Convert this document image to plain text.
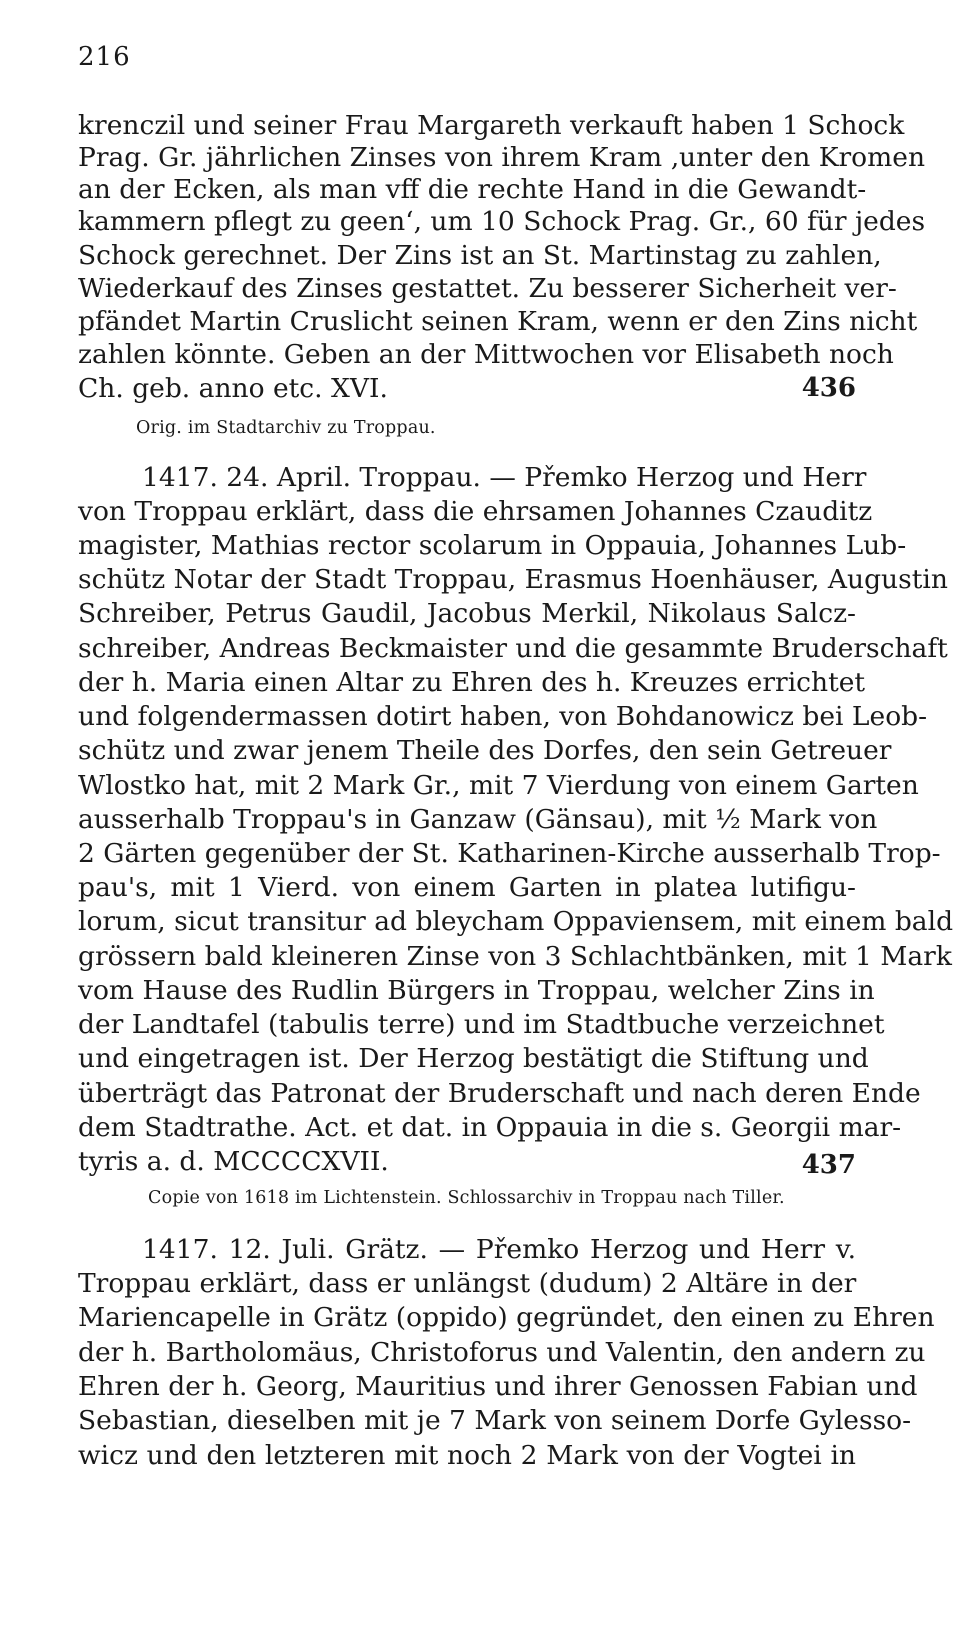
216
krenczil und seiner Frau Margareth verkauft haben 1 Schock
Prag. Gr. jährlichen Zinses von ihrem Kram ‚unter den Kromen
an der Ecken, als man vff die rechte Hand in die Gewandt-
kammern pflegt zu geen‘, um 10 Schock Prag. Gr., 60 für jedes
Schock gerechnet. Der Zins ist an St. Martinstag zu zahlen,
Wiederkauf des Zinses gestattet. Zu besserer Sicherheit ver-
pfändet Martin Cruslicht seinen Kram, wenn er den Zins nicht
zahlen könnte. Geben an der Mittwochen vor Elisabeth noch
Ch. geb. anno etc. XVI.	436
Orig. im Stadtarchiv zu Troppau.
1417. 24. April. Troppau. — Přemko Herzog und Herr
von Troppau erklärt, dass die ehrsamen Johannes Czauditz
magister, Mathias rector scolarum in Oppauia, Johannes Lub-
schütz Notar der Stadt Troppau, Erasmus Hoenhäuser, Augustin
Schreiber, Petrus Gaudil, Jacobus Merkil, Nikolaus Salcz-
schreiber, Andreas Beckmaister und die gesammte Bruderschaft
der h. Maria einen Altar zu Ehren des h. Kreuzes errichtet
und folgendermassen dotirt haben, von Bohdanowicz bei Leob-
schütz und zwar jenem Theile des Dorfes, den sein Getreuer
Wlostko hat, mit 2 Mark Gr., mit 7 Vierdung von einem Garten
ausserhalb Troppau's in Ganzaw (Gänsau), mit ½ Mark von
2 Gärten gegenüber der St. Katharinen-Kirche ausserhalb Trop-
pau's, mit 1 Vierd. von einem Garten in platea lutifigu-
lorum, sicut transitur ad bleycham Oppaviensem, mit einem bald
grössern bald kleineren Zinse von 3 Schlachtbänken, mit 1 Mark
vom Hause des Rudlin Bürgers in Troppau, welcher Zins in
der Landtafel (tabulis terre) und im Stadtbuche verzeichnet
und eingetragen ist. Der Herzog bestätigt die Stiftung und
überträgt das Patronat der Bruderschaft und nach deren Ende
dem Stadtrathe. Act. et dat. in Oppauia in die s. Georgii mar-
tyris a. d. MCCCCXVII.	437
Copie von 1618 im Lichtenstein. Schlossarchiv in Troppau nach Tiller.
1417. 12. Juli. Grätz. — Přemko Herzog und Herr v.
Troppau erklärt, dass er unlängst (dudum) 2 Altäre in der
Mariencapelle in Grätz (oppido) gegründet, den einen zu Ehren
der h. Bartholomäus, Christoforus und Valentin, den andern zu
Ehren der h. Georg, Mauritius und ihrer Genossen Fabian und
Sebastian, dieselben mit je 7 Mark von seinem Dorfe Gylesso-
wicz und den letzteren mit noch 2 Mark von der Vogtei in
